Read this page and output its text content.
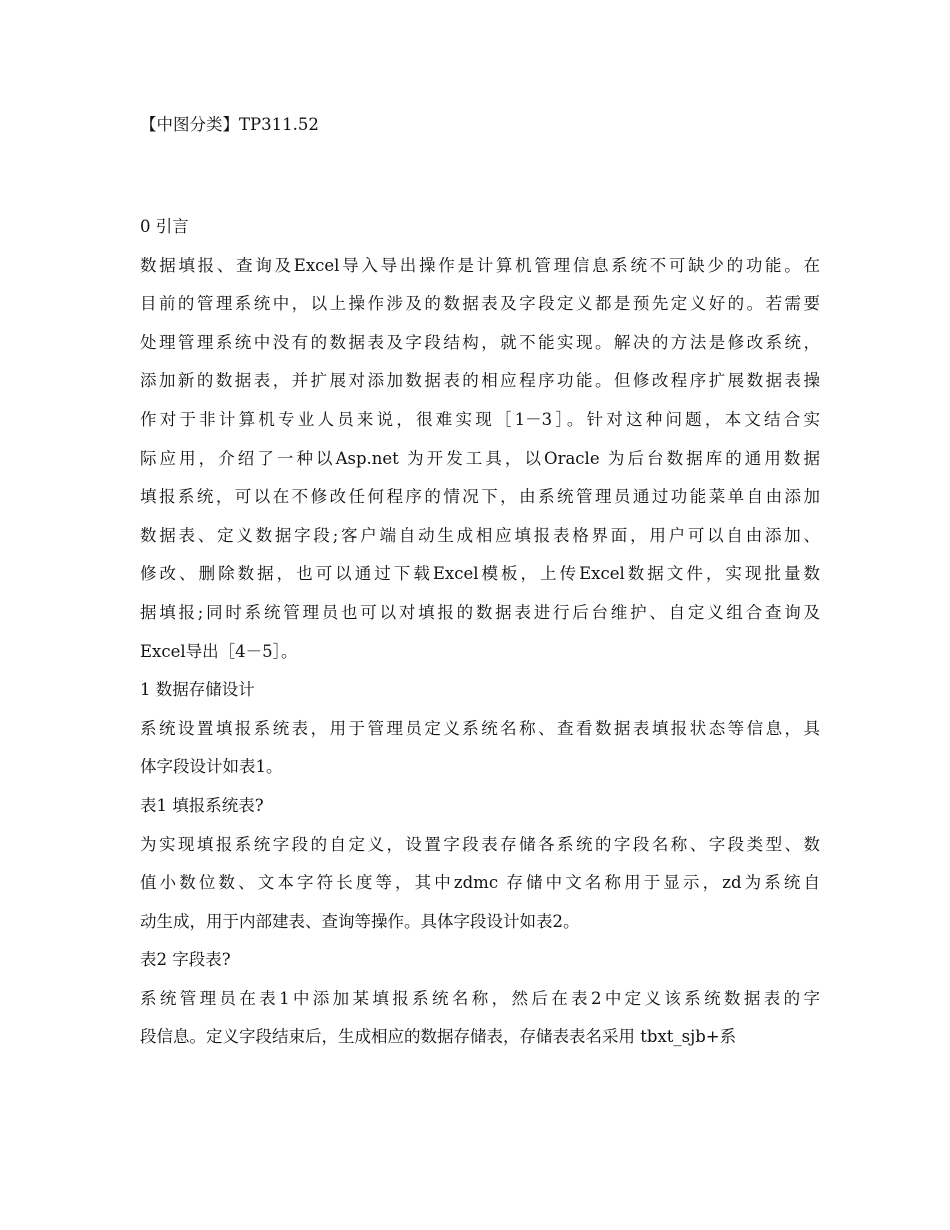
【中图分类】TP311.52

0 引言

数据填报、查询及Excel导入导出操作是计算机管理信息系统不可缺少的功能。在
目前的管理系统中，以上操作涉及的数据表及字段定义都是预先定义好的。若需要
处理管理系统中没有的数据表及字段结构，就不能实现。解决的方法是修改系统，
添加新的数据表，并扩展对添加数据表的相应程序功能。但修改程序扩展数据表操
作对于非计算机专业人员来说，很难实现［1－3］。针对这种问题，本文结合实
际应用，介绍了一种以Asp.net 为开发工具，以Oracle 为后台数据库的通用数据
填报系统，可以在不修改任何程序的情况下，由系统管理员通过功能菜单自由添加
数据表、定义数据字段;客户端自动生成相应填报表格界面，用户可以自由添加、
修改、删除数据，也可以通过下载Excel模板，上传Excel数据文件，实现批量数
据填报;同时系统管理员也可以对填报的数据表进行后台维护、自定义组合查询及
Excel导出［4－5］。

1 数据存储设计

系统设置填报系统表，用于管理员定义系统名称、查看数据表填报状态等信息，具
体字段设计如表1。

表1 填报系统表?

为实现填报系统字段的自定义，设置字段表存储各系统的字段名称、字段类型、数
值小数位数、文本字符长度等，其中zdmc 存储中文名称用于显示，zd为系统自
动生成，用于内部建表、查询等操作。具体字段设计如表2。

表2 字段表?

系统管理员在表1中添加某填报系统名称，然后在表2中定义该系统数据表的字
段信息。定义字段结束后，生成相应的数据存储表，存储表表名采用 tbxt_sjb+系
